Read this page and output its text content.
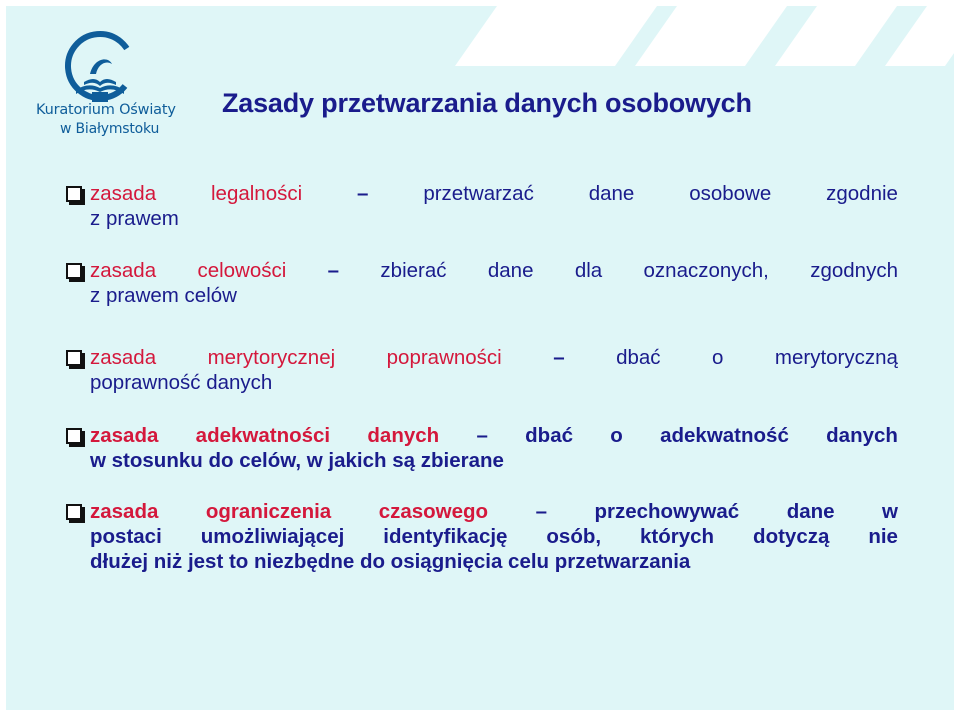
Kuratorium Oświaty
w Białymstoku
Zasady przetwarzania danych osobowych
zasada	legalności	–	przetwarzać	dane	osobowe	zgodnie
z prawem
zasada celowości – zbierać dane dla oznaczonych, zgodnych
z prawem celów
zasada	merytorycznej	poprawności	–	dbać	o	merytoryczną
poprawność danych
zasada adekwatności danych – dbać o adekwatność danych
w stosunku do celów, w jakich są zbierane
zasada ograniczenia czasowego – przechowywać dane w
postaci umożliwiającej identyfikację osób, których dotyczą nie
dłużej niż jest to niezbędne do osiągnięcia celu przetwarzania
